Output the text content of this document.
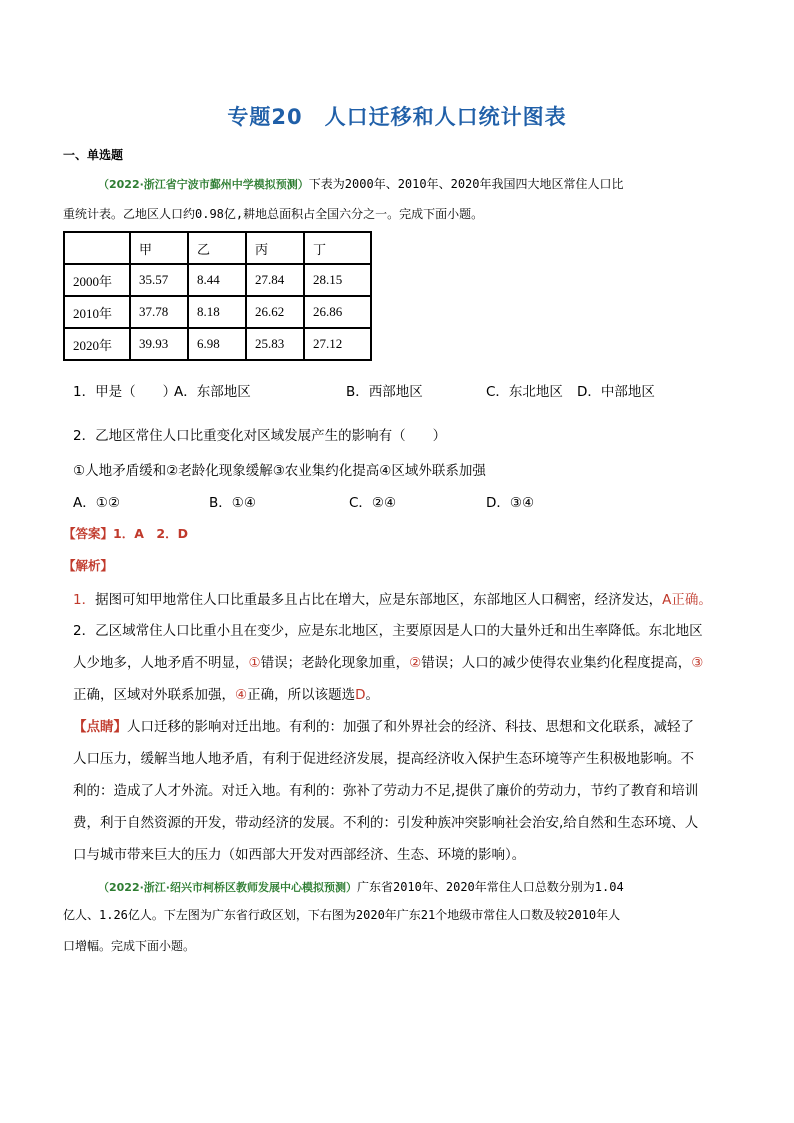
专题20 人口迁移和人口统计图表
一、单选题
（2022·浙江省宁波市鄞州中学模拟预测）下表为2000年、2010年、2020年我国四大地区常住人口比
重统计表。乙地区人口约0.98亿,耕地总面积占全国六分之一。完成下面小题。
	甲	乙	丙	丁
2000年	35.57	8.44	27.84	28.15
2010年	37.78	8.18	26.62	26.86
2020年	39.93	6.98	25.83	27.12
1．甲是（　　）
A．东部地区	B．西部地区	C．东北地区 D．中部地区
2．乙地区常住人口比重变化对区域发展产生的影响有（　　）
①人地矛盾缓和②老龄化现象缓解③农业集约化提高④区域外联系加强
A．①②	B．①④	C．②④	D．③④
【答案】1．A　2．D
【解析】
1．据图可知甲地常住人口比重最多且占比在增大，应是东部地区，东部地区人口稠密，经济发达，A正确。
2．乙区域常住人口比重小且在变少，应是东北地区，主要原因是人口的大量外迁和出生率降低。东北地区
人少地多，人地矛盾不明显，①错误；老龄化现象加重，②错误；人口的减少使得农业集约化程度提高，③
正确，区域对外联系加强，④正确，所以该题选D。
【点睛】人口迁移的影响对迁出地。有利的：加强了和外界社会的经济、科技、思想和文化联系，减轻了
人口压力，缓解当地人地矛盾，有利于促进经济发展，提高经济收入保护生态环境等产生积极地影响。不
利的：造成了人才外流。对迁入地。有利的：弥补了劳动力不足,提供了廉价的劳动力，节约了教育和培训
费，利于自然资源的开发，带动经济的发展。不利的：引发种族冲突影响社会治安,给自然和生态环境、人
口与城市带来巨大的压力（如西部大开发对西部经济、生态、环境的影响）。
（2022·浙江·绍兴市柯桥区教师发展中心模拟预测）广东省2010年、2020年常住人口总数分别为1.04
亿人、1.26亿人。下左图为广东省行政区划，下右图为2020年广东21个地级市常住人口数及较2010年人
口增幅。完成下面小题。
